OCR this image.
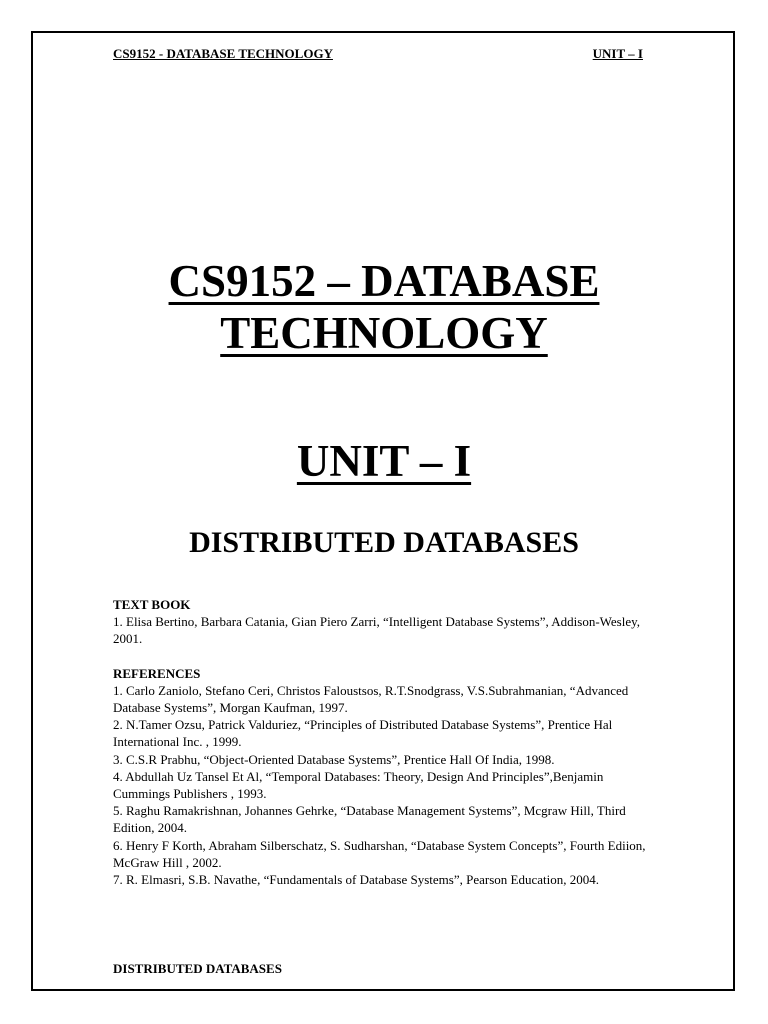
CS9152 - DATABASE TECHNOLOGY	UNIT – I
CS9152 – DATABASE
TECHNOLOGY
UNIT – I
DISTRIBUTED DATABASES

TEXT BOOK

1. Elisa Bertino, Barbara Catania, Gian Piero Zarri, “Intelligent Database Systems”, Addison-Wesley, 2001.

REFERENCES

1. Carlo Zaniolo, Stefano Ceri, Christos Faloustsos, R.T.Snodgrass, V.S.Subrahmanian, “Advanced Database Systems”, Morgan Kaufman, 1997.

2. N.Tamer Ozsu, Patrick Valduriez, “Principles of Distributed Database Systems”, Prentice Hal International Inc. , 1999.

3. C.S.R Prabhu, “Object-Oriented Database Systems”, Prentice Hall Of India, 1998.

4. Abdullah Uz Tansel Et Al, “Temporal Databases: Theory, Design And Principles”,Benjamin Cummings Publishers , 1993.

5. Raghu Ramakrishnan, Johannes Gehrke, “Database Management Systems”, Mcgraw Hill, Third Edition, 2004.

6. Henry F Korth, Abraham Silberschatz, S. Sudharshan, “Database System Concepts”, Fourth Ediion, McGraw Hill , 2002.

7. R. Elmasri, S.B. Navathe, “Fundamentals of Database Systems”, Pearson Education, 2004.

DISTRIBUTED DATABASES
